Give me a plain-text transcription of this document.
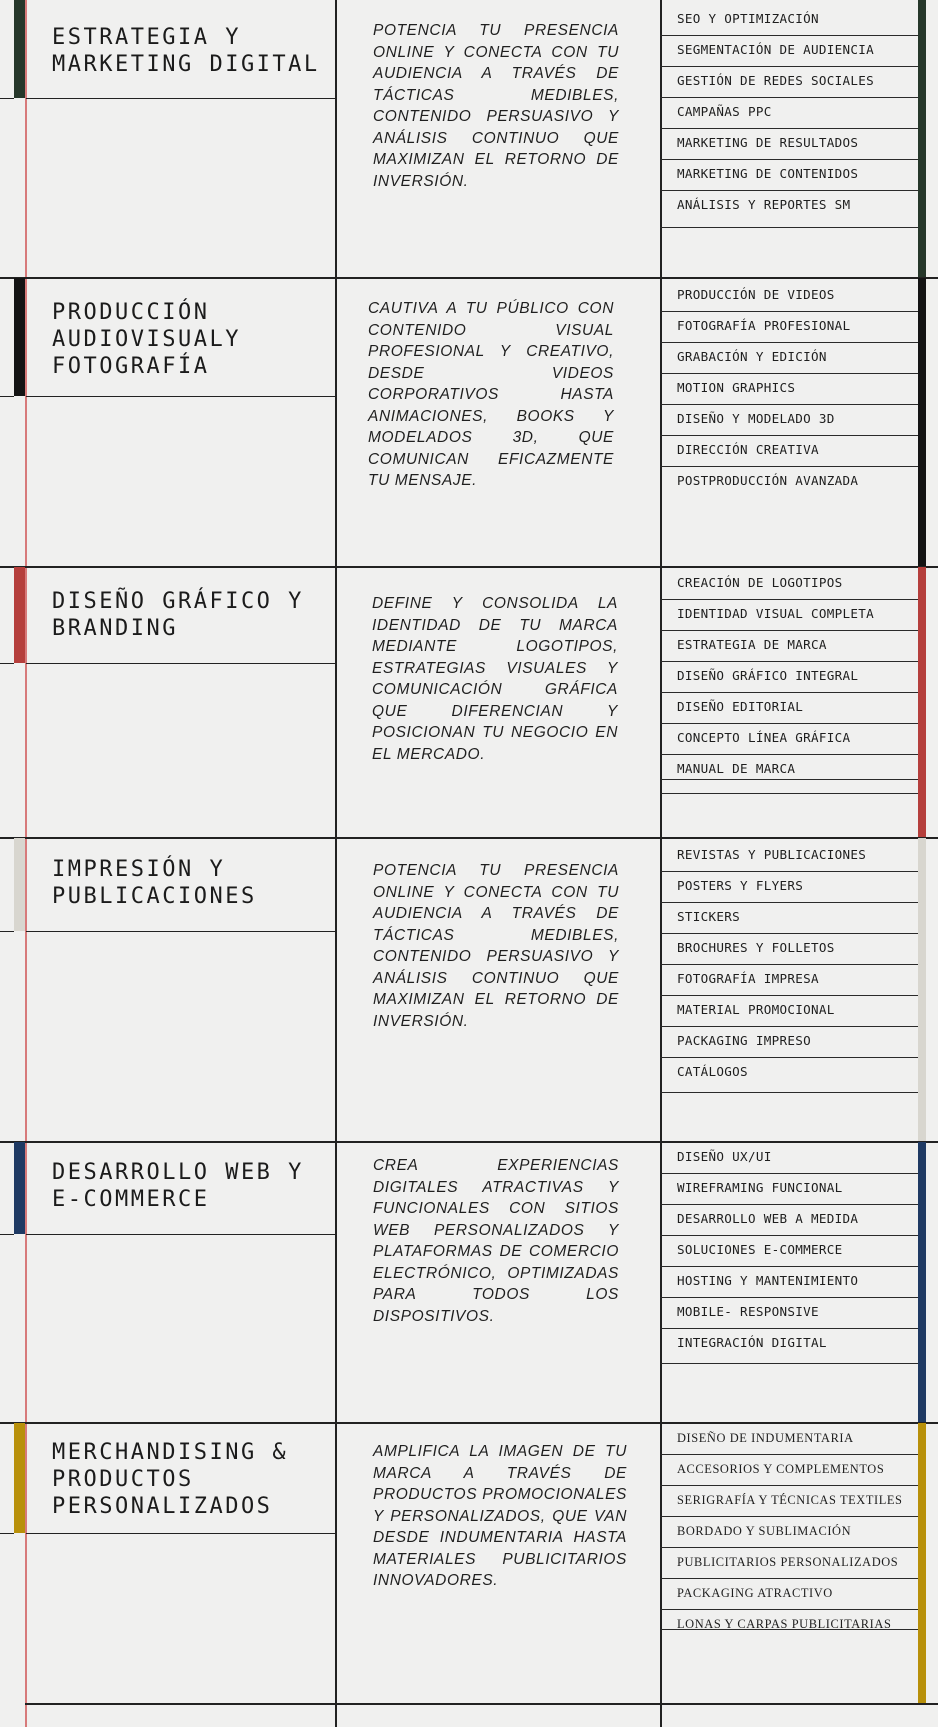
ESTRATEGIA Y MARKETING DIGITAL

POTENCIA TU PRESENCIA ONLINE Y CONECTA CON TU AUDIENCIA A TRAVÉS DE TÁCTICAS MEDIBLES, CONTENIDO PERSUASIVO Y ANÁLISIS CONTINUO QUE MAXIMIZAN EL RETORNO DE INVERSIÓN.

SEO Y OPTIMIZACIÓN
SEGMENTACIÓN DE AUDIENCIA
GESTIÓN DE REDES SOCIALES
CAMPAÑAS PPC
MARKETING DE RESULTADOS
MARKETING DE CONTENIDOS
ANÁLISIS Y REPORTES SM
PRODUCCIÓN AUDIOVISUALY FOTOGRAFÍA

CAUTIVA A TU PÚBLICO CON CONTENIDO VISUAL PROFESIONAL Y CREATIVO, DESDE VIDEOS CORPORATIVOS HASTA ANIMACIONES, BOOKS Y MODELADOS 3D, QUE COMUNICAN EFICAZMENTE TU MENSAJE.

PRODUCCIÓN DE VIDEOS
FOTOGRAFÍA PROFESIONAL
GRABACIÓN Y EDICIÓN
MOTION GRAPHICS
DISEÑO Y MODELADO 3D
DIRECCIÓN CREATIVA
POSTPRODUCCIÓN AVANZADA
DISEÑO GRÁFICO Y BRANDING

DEFINE Y CONSOLIDA LA IDENTIDAD DE TU MARCA MEDIANTE LOGOTIPOS, ESTRATEGIAS VISUALES Y COMUNICACIÓN GRÁFICA QUE DIFERENCIAN Y POSICIONAN TU NEGOCIO EN EL MERCADO.

CREACIÓN DE LOGOTIPOS
IDENTIDAD VISUAL COMPLETA
ESTRATEGIA DE MARCA
DISEÑO GRÁFICO INTEGRAL
DISEÑO EDITORIAL
CONCEPTO LÍNEA GRÁFICA
MANUAL DE MARCA
IMPRESIÓN Y PUBLICACIONES

POTENCIA TU PRESENCIA ONLINE Y CONECTA CON TU AUDIENCIA A TRAVÉS DE TÁCTICAS MEDIBLES, CONTENIDO PERSUASIVO Y ANÁLISIS CONTINUO QUE MAXIMIZAN EL RETORNO DE INVERSIÓN.

REVISTAS Y PUBLICACIONES
POSTERS Y FLYERS
STICKERS
BROCHURES Y FOLLETOS
FOTOGRAFÍA IMPRESA
MATERIAL PROMOCIONAL
PACKAGING IMPRESO
CATÁLOGOS
DESARROLLO WEB Y E-COMMERCE

CREA EXPERIENCIAS DIGITALES ATRACTIVAS Y FUNCIONALES CON SITIOS WEB PERSONALIZADOS Y PLATAFORMAS DE COMERCIO ELECTRÓNICO, OPTIMIZADAS PARA TODOS LOS DISPOSITIVOS.

DISEÑO UX/UI
WIREFRAMING FUNCIONAL
DESARROLLO WEB A MEDIDA
SOLUCIONES E-COMMERCE
HOSTING Y MANTENIMIENTO
MOBILE- RESPONSIVE
INTEGRACIÓN DIGITAL
MERCHANDISING & PRODUCTOS PERSONALIZADOS

AMPLIFICA LA IMAGEN DE TU MARCA A TRAVÉS DE PRODUCTOS PROMOCIONALES Y PERSONALIZADOS, QUE VAN DESDE INDUMENTARIA HASTA MATERIALES PUBLICITARIOS INNOVADORES.

DISEÑO DE INDUMENTARIA
ACCESORIOS Y COMPLEMENTOS
SERIGRAFÍA Y TÉCNICAS TEXTILES
BORDADO Y SUBLIMACIÓN
PUBLICITARIOS PERSONALIZADOS
PACKAGING ATRACTIVO
LONAS Y CARPAS PUBLICITARIAS
